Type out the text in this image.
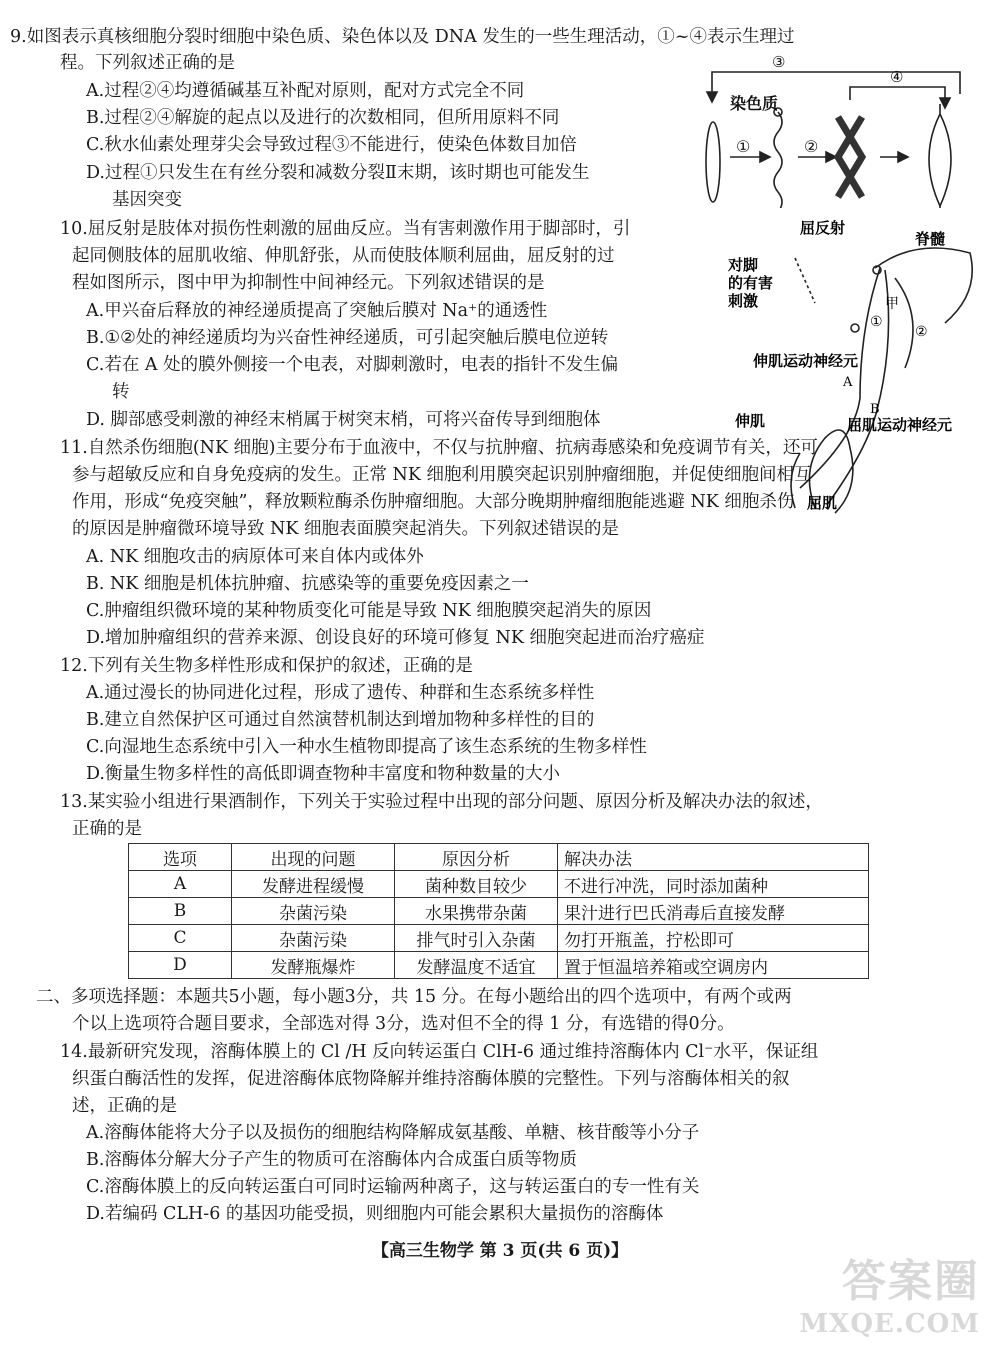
9.如图表示真核细胞分裂时细胞中染色质、染色体以及 DNA 发生的一些生理活动，①~④表示生理过
程。下列叙述正确的是
A.过程②④均遵循碱基互补配对原则，配对方式完全不同
B.过程②④解旋的起点以及进行的次数相同，但所用原料不同
C.秋水仙素处理芽尖会导致过程③不能进行，使染色体数目加倍
D.过程①只发生在有丝分裂和减数分裂Ⅱ末期，该时期也可能发生
基因突变
③
④
染色质
①	②
10.屈反射是肢体对损伤性刺激的屈曲反应。当有害刺激作用于脚部时，引
起同侧肢体的屈肌收缩、伸肌舒张，从而使肢体顺利屈曲，屈反射的过
程如图所示，图中甲为抑制性中间神经元。下列叙述错误的是
A.甲兴奋后释放的神经递质提高了突触后膜对 Na⁺的通透性
B.①②处的神经递质均为兴奋性神经递质，可引起突触后膜电位逆转
C.若在 A 处的膜外侧接一个电表，对脚刺激时，电表的指针不发生偏
转
D. 脚部感受刺激的神经末梢属于树突末梢，可将兴奋传导到细胞体
脊髓
对脚
的有害
刺激
①
甲
②
伸肌运动神经元
A
B
伸肌	屈肌运动神经元
屈肌
屈反射
11.自然杀伤细胞(NK 细胞)主要分布于血液中，不仅与抗肿瘤、抗病毒感染和免疫调节有关，还可
参与超敏反应和自身免疫病的发生。正常 NK 细胞利用膜突起识别肿瘤细胞，并促使细胞间相互
作用，形成“免疫突触”，释放颗粒酶杀伤肿瘤细胞。大部分晚期肿瘤细胞能逃避 NK 细胞杀伤
的原因是肿瘤微环境导致 NK 细胞表面膜突起消失。下列叙述错误的是
A. NK 细胞攻击的病原体可来自体内或体外
B. NK 细胞是机体抗肿瘤、抗感染等的重要免疫因素之一
C.肿瘤组织微环境的某种物质变化可能是导致 NK 细胞膜突起消失的原因
D.增加肿瘤组织的营养来源、创设良好的环境可修复 NK 细胞突起进而治疗癌症
12.下列有关生物多样性形成和保护的叙述，正确的是
A.通过漫长的协同进化过程，形成了遗传、种群和生态系统多样性
B.建立自然保护区可通过自然演替机制达到增加物种多样性的目的
C.向湿地生态系统中引入一种水生植物即提高了该生态系统的生物多样性
D.衡量生物多样性的高低即调查物种丰富度和物种数量的大小
13.某实验小组进行果酒制作，下列关于实验过程中出现的部分问题、原因分析及解决办法的叙述，
正确的是
选项	出现的问题	原因分析	解决办法
A	发酵进程缓慢	菌种数目较少	不进行冲洗，同时添加菌种
B	杂菌污染	水果携带杂菌	果汁进行巴氏消毒后直接发酵
C	杂菌污染	排气时引入杂菌	勿打开瓶盖，拧松即可
D	发酵瓶爆炸	发酵温度不适宜	置于恒温培养箱或空调房内
二、多项选择题：本题共5小题，每小题3分，共 15 分。在每小题给出的四个选项中，有两个或两
个以上选项符合题目要求，全部选对得 3分，选对但不全的得 1 分，有选错的得0分。
14.最新研究发现，溶酶体膜上的 Cl /H 反向转运蛋白 ClH-6 通过维持溶酶体内 Cl⁻水平，保证组
织蛋白酶活性的发挥，促进溶酶体底物降解并维持溶酶体膜的完整性。下列与溶酶体相关的叙
述，正确的是
A.溶酶体能将大分子以及损伤的细胞结构降解成氨基酸、单糖、核苷酸等小分子
B.溶酶体分解大分子产生的物质可在溶酶体内合成蛋白质等物质
C.溶酶体膜上的反向转运蛋白可同时运输两种离子，这与转运蛋白的专一性有关
D.若编码 CLH-6 的基因功能受损，则细胞内可能会累积大量损伤的溶酶体
【高三生物学 第 3 页(共 6 页)】
答案圈
MXQE.COM
